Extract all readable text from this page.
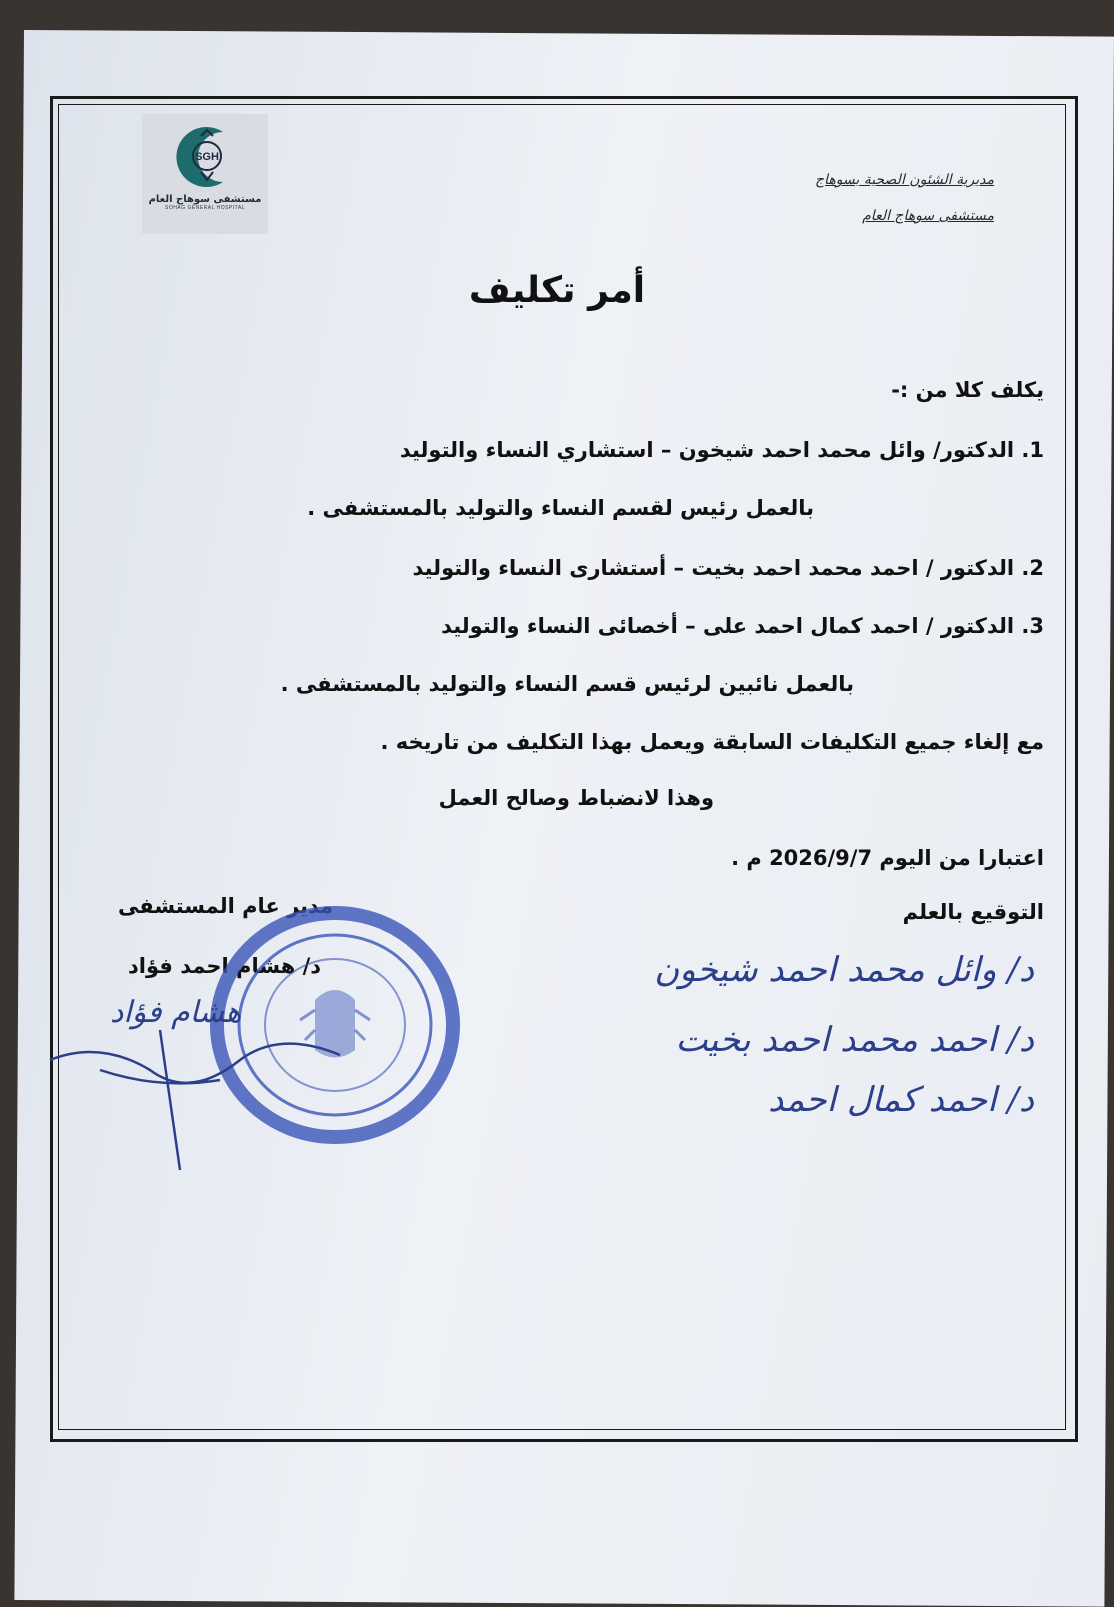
SGH
مستشفى سوهاج العام
SOHAG GENERAL HOSPITAL
مديرية الشئون الصحية بسوهاج
مستشفى سوهاج العام
أمر تكليف
يكلف كلا من :-
1. الدكتور/ وائل محمد احمد شيخون – استشاري النساء والتوليد
بالعمل رئيس لقسم النساء والتوليد بالمستشفى .
2. الدكتور / احمد محمد احمد بخيت – أستشارى النساء والتوليد
3. الدكتور / احمد كمال احمد على – أخصائى النساء والتوليد
بالعمل نائبين لرئيس قسم النساء والتوليد بالمستشفى .
مع إلغاء جميع التكليفات السابقة ويعمل بهذا التكليف من تاريخه .
وهذا لانضباط وصالح العمل
اعتبارا من اليوم 2026/9/7 م .
مدير عام المستشفى
د/ هشام احمد فؤاد
هشام فؤاد
التوقيع بالعلم
د/ وائل محمد احمد شيخون
د/ احمد محمد احمد بخيت
د/ احمد كمال احمد
